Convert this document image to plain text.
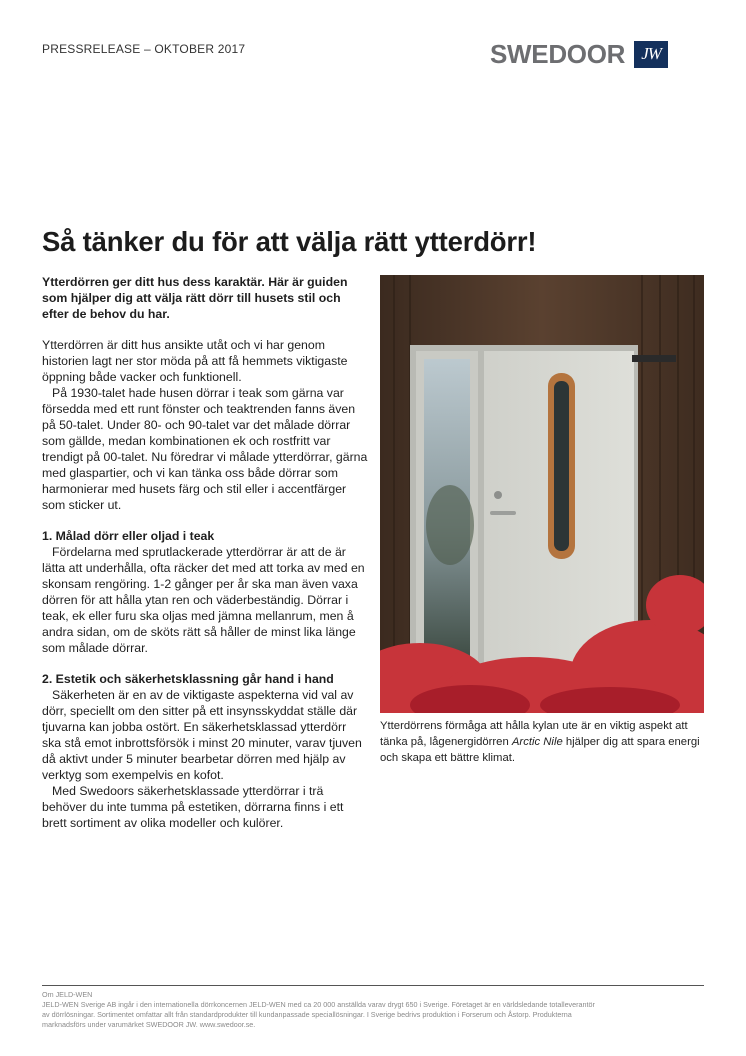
PRESSRELEASE – OKTOBER 2017	SWEDOOR JW
Så tänker du för att välja rätt ytterdörr!

Ytterdörren ger ditt hus dess karaktär. Här är guiden som hjälper dig att välja rätt dörr till husets stil och efter de behov du har.

Ytterdörren är ditt hus ansikte utåt och vi har genom historien lagt ner stor möda på att få hemmets viktigaste öppning både vacker och funktionell.

På 1930-talet hade husen dörrar i teak som gärna var försedda med ett runt fönster och teaktrenden fanns även på 50-talet. Under 80- och 90-talet var det målade dörrar som gällde, medan kombinationen ek och rostfritt var trendigt på 00-talet. Nu föredrar vi målade ytterdörrar, gärna med glaspartier, och vi kan tänka oss både dörrar som harmonierar med husets färg och stil eller i accentfärger som sticker ut.

1. Målad dörr eller oljad i teak

Fördelarna med sprutlackerade ytterdörrar är att de är lätta att underhålla, ofta räcker det med att torka av med en skonsam rengöring. 1-2 gånger per år ska man även vaxa dörren för att hålla ytan ren och väderbeständig. Dörrar i teak, ek eller furu ska oljas med jämna mellanrum, men å andra sidan, om de sköts rätt så håller de minst lika länge som målade dörrar.

2. Estetik och säkerhetsklassning går hand i hand

Säkerheten är en av de viktigaste aspekterna vid val av dörr, speciellt om den sitter på ett insynsskyddat ställe där tjuvarna kan jobba ostört. En säkerhetsklassad ytterdörr ska stå emot inbrottsförsök i minst 20 minuter, varav tjuven då aktivt under 5 minuter bearbetar dörren med hjälp av verktyg som exempelvis en kofot.

Med Swedoors säkerhetsklassade ytterdörrar i trä behöver du inte tumma på estetiken, dörrarna finns i ett brett sortiment av olika modeller och kulörer.

Ytterdörrens förmåga att hålla kylan ute är en viktig aspekt att tänka på, lågenergidörren Arctic Nile hjälper dig att spara energi och skapa ett bättre klimat.
Om JELD-WEN
JELD-WEN Sverige AB ingår i den internationella dörrkoncernen JELD-WEN med ca 20 000 anställda varav drygt 650 i Sverige. Företaget är en världsledande totalleverantör av dörrlösningar. Sortimentet omfattar allt från standardprodukter till kundanpassade speciallösningar. I Sverige bedrivs produktion i Forserum och Åstorp. Produkterna marknadsförs under varumärket SWEDOOR JW. www.swedoor.se.
